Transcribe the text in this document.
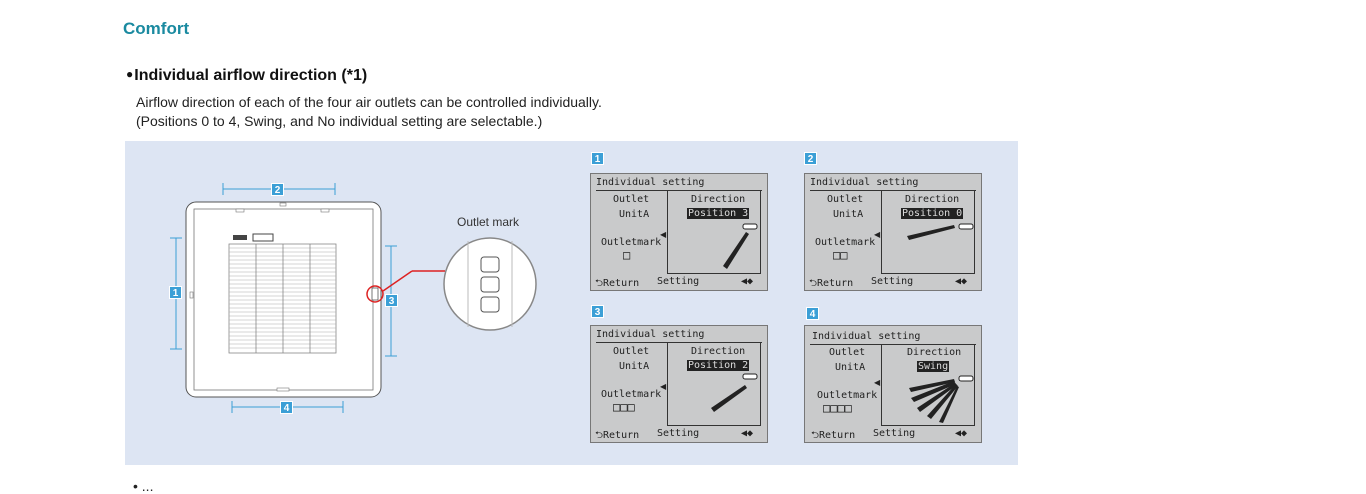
Comfort
●Individual airflow direction (*1)
Airflow direction of each of the four air outlets can be controlled individually.
(Positions 0 to 4, Swing, and No individual setting are selectable.)
Outlet mark
2
4
1
3
1
Individual setting
Outlet	Direction
UnitA	Position 3
Outletmark
□
◀
⮌Return Setting	◀◆
2
Individual setting
Outlet	Direction
UnitA	Position 0
Outletmark
□□
◀
⮌Return Setting	◀◆
3
Individual setting
Outlet	Direction
UnitA	Position 2
Outletmark
□□□
◀
⮌Return Setting	◀◆
4
Individual setting
Outlet	Direction
UnitA	Swing
Outletmark
□□□□
◀
⮌Return Setting	◀◆
• ...
